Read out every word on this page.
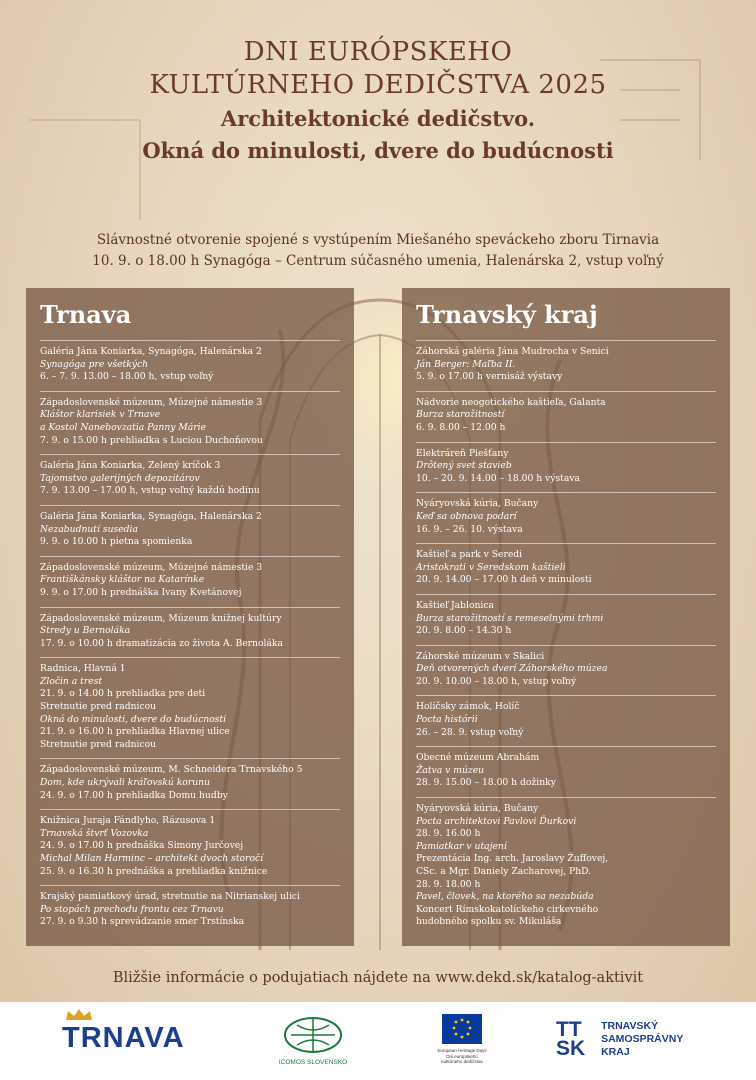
DNI EURÓPSKEHO
KULTÚRNEHO DEDIČSTVA 2025
Architektonické dedičstvo.
Okná do minulosti, dvere do budúcnosti
Slávnostné otvorenie spojené s vystúpením Miešaného speváckeho zboru Tirnavia
10. 9. o 18.00 h Synagóga – Centrum súčasného umenia, Halenárska 2, vstup voľný
Trnava
Galéria Jána Koniarka, Synagóga, Halenárska 2
Synagóga pre všetkých
6. – 7. 9. 13.00 – 18.00 h, vstup voľný
Západoslovenské múzeum, Múzejné námestie 3
Kláštor klarisiek v Trnave
a Kostol Nanebovzatia Panny Márie
7. 9. o 15.00 h prehliadka s Luciou Duchoňovou
Galéria Jána Koniarka, Zelený kríčok 3
Tajomstvo galerijných depozitárov
7. 9. 13.00 – 17.00 h, vstup voľný každú hodinu
Galéria Jána Koniarka, Synagóga, Halenárska 2
Nezabudnutí susedia
9. 9. o 10.00 h pietna spomienka
Západoslovenské múzeum, Múzejné námestie 3
Františkánsky kláštor na Katarínke
9. 9. o 17.00 h prednáška Ivany Kvetánovej
Západoslovenské múzeum, Múzeum knižnej kultúry
Stredy u Bernoláka
17. 9. o 10.00 h dramatizácia zo života A. Bernoláka
Radnica, Hlavná 1
Zločin a trest
21. 9. o 14.00 h prehliadka pre deti
Stretnutie pred radnicou
Okná do minulosti, dvere do budúcnosti
21. 9. o 16.00 h prehliadka Hlavnej ulice
Stretnutie pred radnicou
Západoslovenské múzeum, M. Schneidera Trnavského 5
Dom, kde ukrývali kráľovskú korunu
24. 9. o 17.00 h prehliadka Domu hudby
Knižnica Juraja Fándlyho, Rázusova 1
Trnavská štvrť Vozovka
24. 9. o 17.00 h prednáška Simony Jurčovej
Michal Milan Harminc – architekt dvoch storočí
25. 9. o 16.30 h prednáška a prehliadka knižnice
Krajský pamiatkový úrad, stretnutie na Nitrianskej ulici
Po stopách prechodu frontu cez Trnavu
27. 9. o 9.30 h sprevádzanie smer Trstínska
Trnavský kraj
Záhorská galéria Jána Mudrocha v Senici
Ján Berger: Maľba II.
5. 9. o 17.00 h vernisáž výstavy
Nádvorie neogotického kaštieľa, Galanta
Burza starožitností
6. 9. 8.00 – 12.00 h
Elektráreň Piešťany
Drôtený svet stavieb
10. – 20. 9. 14.00 – 18.00 h výstava
Nyáryovská kúria, Bučany
Keď sa obnova podarí
16. 9. – 26. 10. výstava
Kaštieľ a park v Seredi
Aristokrati v Seredskom kaštieli
20. 9. 14.00 – 17.00 h deň v minulosti
Kaštieľ Jablonica
Burza starožitností s remeselnými trhmi
20. 9. 8.00 – 14.30 h
Záhorské múzeum v Skalici
Deň otvorených dverí Záhorského múzea
20. 9. 10.00 – 18.00 h, vstup voľný
Holíčsky zámok, Holíč
Pocta histórii
26. – 28. 9. vstup voľný
Obecné múzeum Abrahám
Žatva v múzeu
28. 9. 15.00 – 18.00 h dožinky
Nyáryovská kúria, Bučany
Pocta architektovi Pavlovi Ďurkovi
28. 9. 16.00 h
Pamiatkar v utajení
Prezentácia Ing. arch. Jaroslavy Žuffovej,
CSc. a Mgr. Daniely Zacharovej, PhD.
28. 9. 18.00 h
Pavel, človek, na ktorého sa nezabúda
Koncert Rímskokatolíckeho cirkevného
hudobného spolku sv. Mikuláša
Bližšie informácie o podujatiach nájdete na www.dekd.sk/katalog-aktivit
TRNAVA
ICOMOS SLOVENSKO
European Heritage Days
Dni európskeho
kultúrneho dedičstva
TT
SK

TRNAVSKÝ
SAMOSPRÁVNY
KRAJ
